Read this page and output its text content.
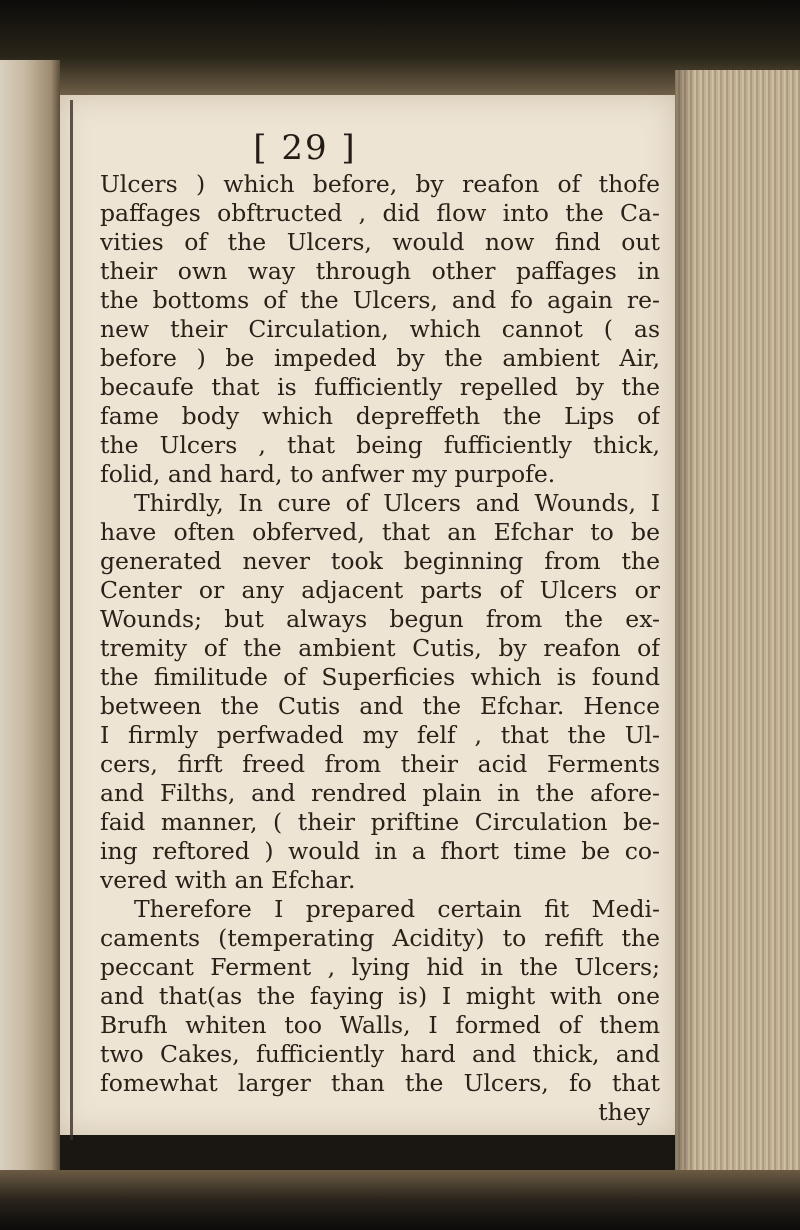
[ 29 ]
Ulcers ) which before, by reafon of thofe
paffages obftructed , did flow into the Ca-
vities of the Ulcers, would now find out
their own way through other paffages in
the bottoms of the Ulcers, and fo again re-
new their Circulation, which cannot ( as
before ) be impeded by the ambient Air,
becaufe that is fufficiently repelled by the
fame body which depreffeth the Lips of
the Ulcers , that being fufficiently thick,
folid, and hard, to anfwer my purpofe.
Thirdly, In cure of Ulcers and Wounds, I
have often obferved, that an Efchar to be
generated never took beginning from the
Center or any adjacent parts of Ulcers or
Wounds; but always begun from the ex-
tremity of the ambient Cutis, by reafon of
the fimilitude of Superficies which is found
between the Cutis and the Efchar. Hence
I firmly perfwaded my felf , that the Ul-
cers, firft freed from their acid Ferments
and Filths, and rendred plain in the afore-
faid manner, ( their priftine Circulation be-
ing reftored ) would in a fhort time be co-
vered with an Efchar.
Therefore I prepared certain fit Medi-
caments (temperating Acidity) to refift the
peccant Ferment , lying hid in the Ulcers;
and that(as the faying is) I might with one
Brufh whiten too Walls, I formed of them
two Cakes, fufficiently hard and thick, and
fomewhat larger than the Ulcers, fo that
they
